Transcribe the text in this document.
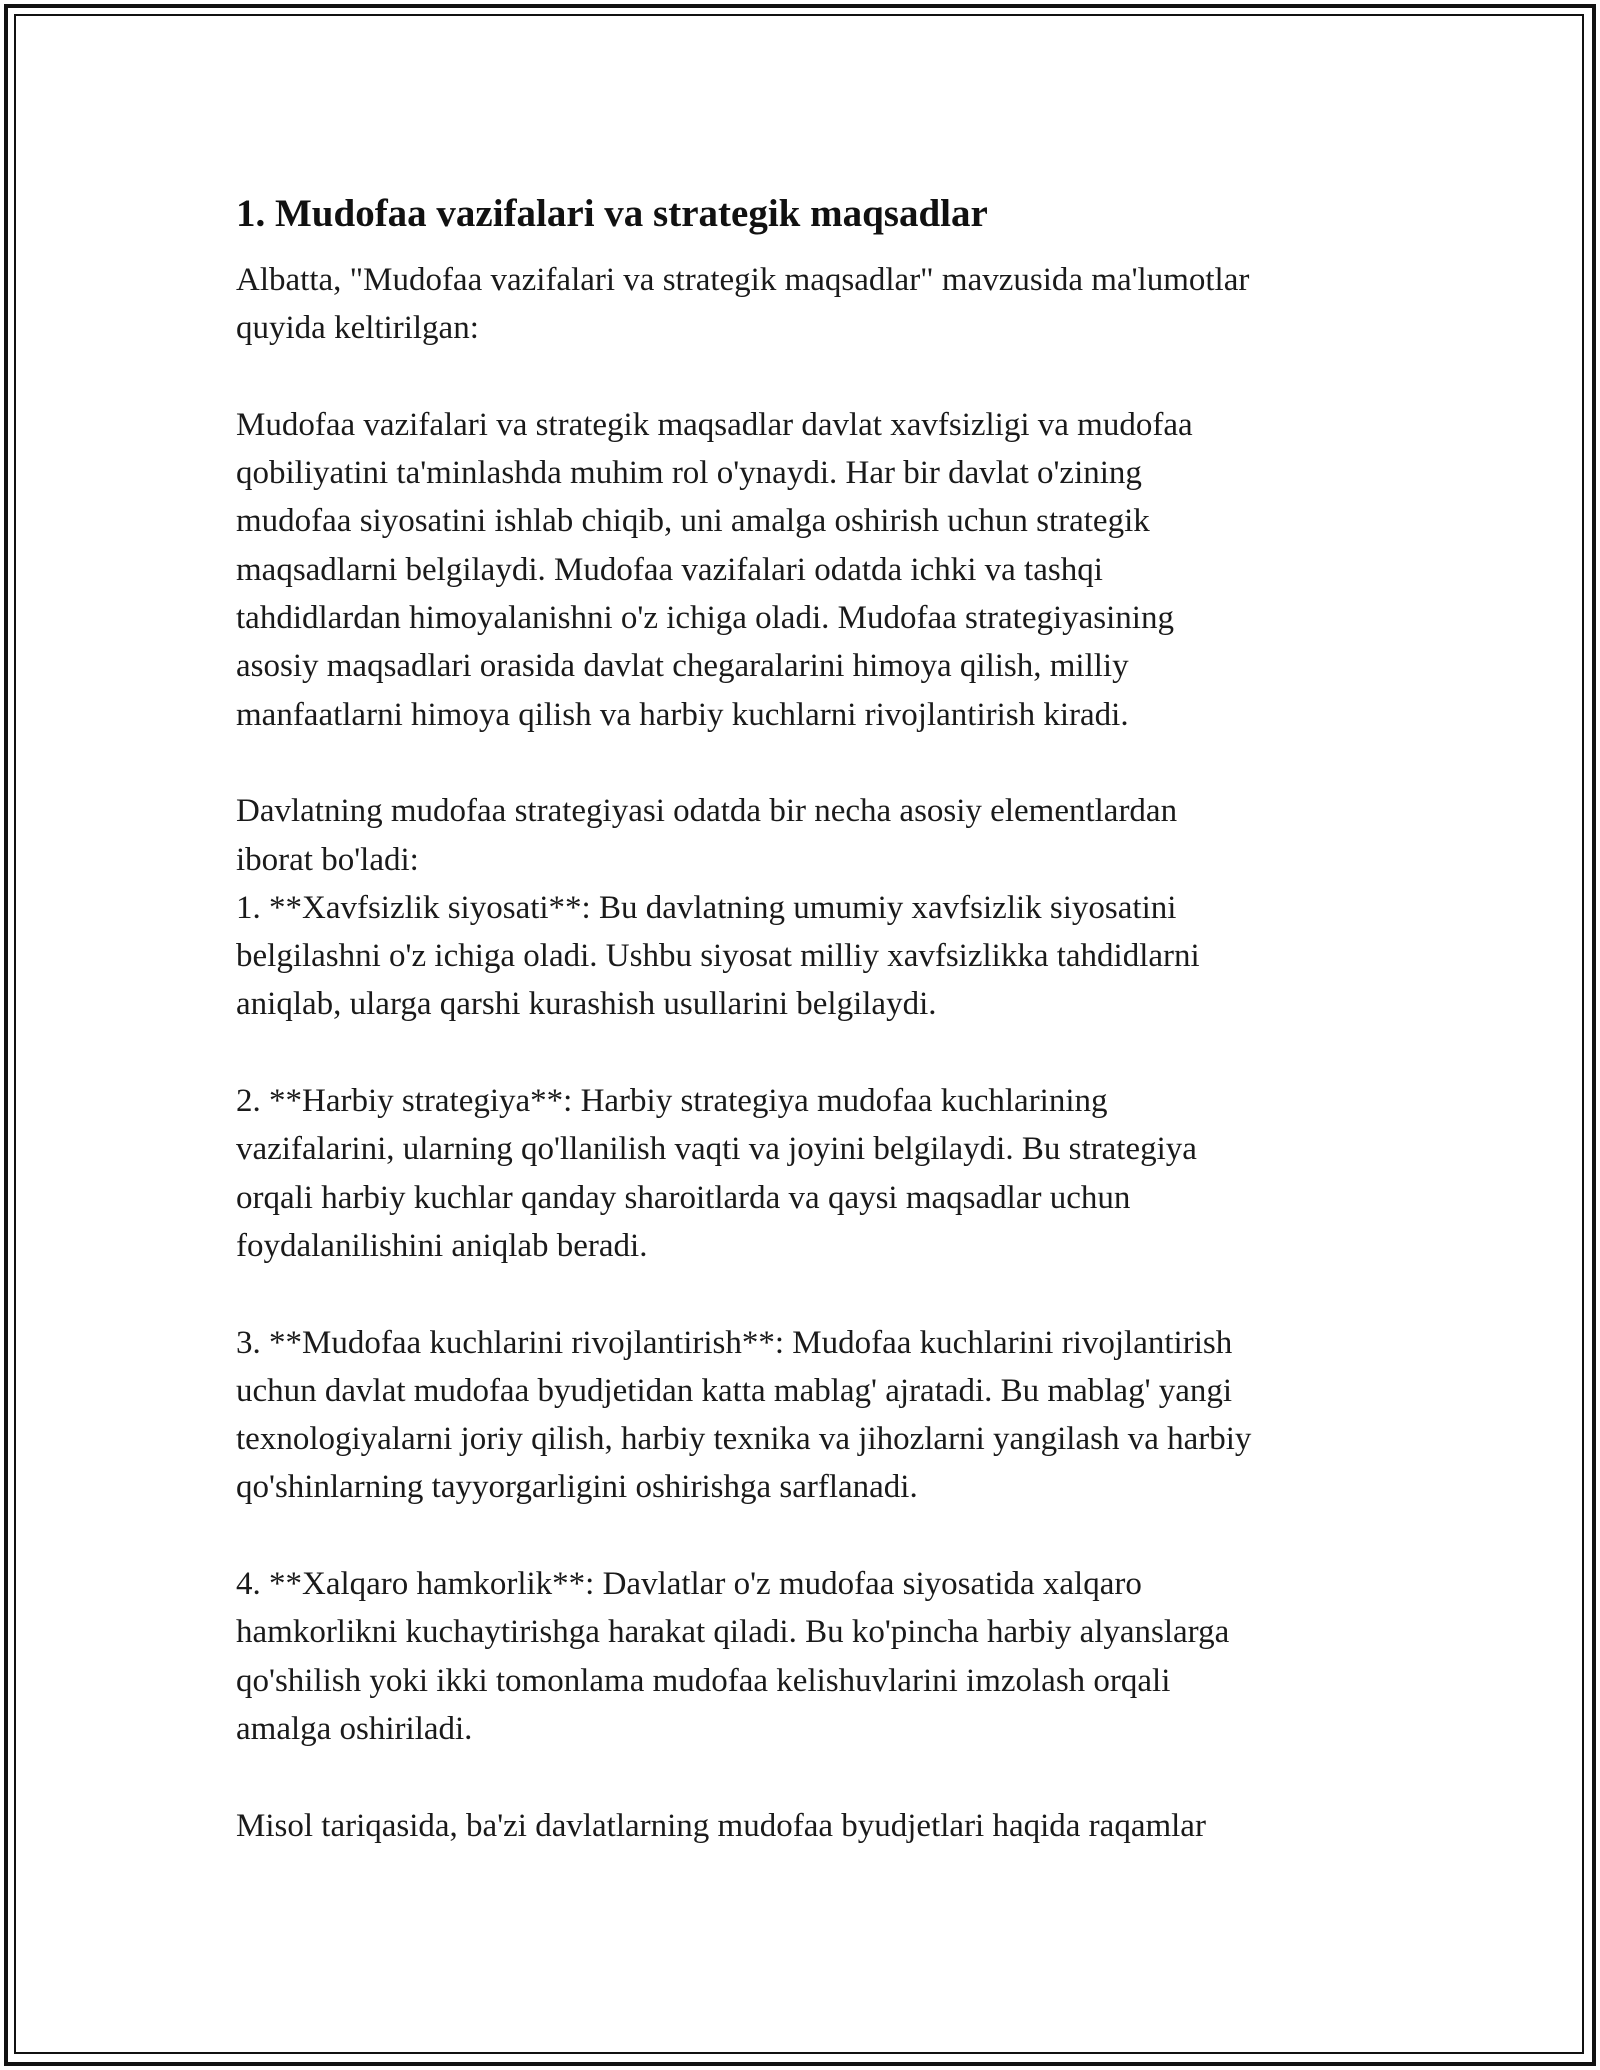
1. Mudofaa vazifalari va strategik maqsadlar

Albatta, "Mudofaa vazifalari va strategik maqsadlar" mavzusida ma'lumotlar
quyida keltirilgan:

Mudofaa vazifalari va strategik maqsadlar davlat xavfsizligi va mudofaa
qobiliyatini ta'minlashda muhim rol o'ynaydi. Har bir davlat o'zining
mudofaa siyosatini ishlab chiqib, uni amalga oshirish uchun strategik
maqsadlarni belgilaydi. Mudofaa vazifalari odatda ichki va tashqi
tahdidlardan himoyalanishni o'z ichiga oladi. Mudofaa strategiyasining
asosiy maqsadlari orasida davlat chegaralarini himoya qilish, milliy
manfaatlarni himoya qilish va harbiy kuchlarni rivojlantirish kiradi.

Davlatning mudofaa strategiyasi odatda bir necha asosiy elementlardan
iborat bo'ladi:
1. **Xavfsizlik siyosati**: Bu davlatning umumiy xavfsizlik siyosatini
belgilashni o'z ichiga oladi. Ushbu siyosat milliy xavfsizlikka tahdidlarni
aniqlab, ularga qarshi kurashish usullarini belgilaydi.

2. **Harbiy strategiya**: Harbiy strategiya mudofaa kuchlarining
vazifalarini, ularning qo'llanilish vaqti va joyini belgilaydi. Bu strategiya
orqali harbiy kuchlar qanday sharoitlarda va qaysi maqsadlar uchun
foydalanilishini aniqlab beradi.

3. **Mudofaa kuchlarini rivojlantirish**: Mudofaa kuchlarini rivojlantirish
uchun davlat mudofaa byudjetidan katta mablag' ajratadi. Bu mablag' yangi
texnologiyalarni joriy qilish, harbiy texnika va jihozlarni yangilash va harbiy
qo'shinlarning tayyorgarligini oshirishga sarflanadi.

4. **Xalqaro hamkorlik**: Davlatlar o'z mudofaa siyosatida xalqaro
hamkorlikni kuchaytirishga harakat qiladi. Bu ko'pincha harbiy alyanslarga
qo'shilish yoki ikki tomonlama mudofaa kelishuvlarini imzolash orqali
amalga oshiriladi.

Misol tariqasida, ba'zi davlatlarning mudofaa byudjetlari haqida raqamlar
